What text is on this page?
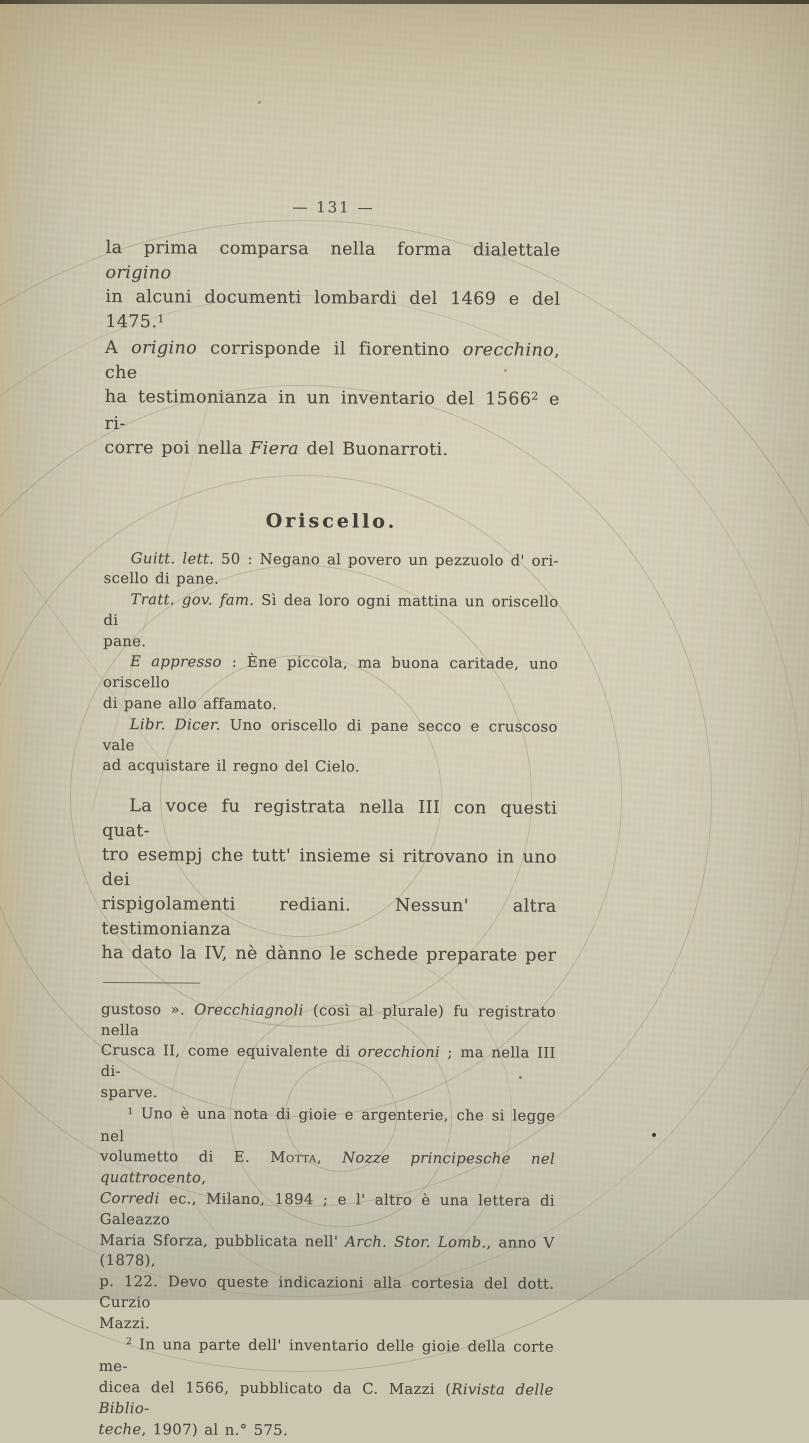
— 131 —
la prima comparsa nella forma dialettale origino
in alcuni documenti lombardi del 1469 e del 1475.$^1$
A origino corrisponde il fiorentino orecchino, che
ha testimonianza in un inventario del 1566$^2$ e ri-
corre poi nella Fiera del Buonarroti.
Oriscello.
Guitt. lett. 50 : Negano al povero un pezzuolo d' ori-
scello di pane.
Tratt. gov. fam. Sì dea loro ogni mattina un oriscello di
pane.
E appresso : Ène piccola, ma buona caritade, uno oriscello
di pane allo affamato.
Libr. Dicer. Uno oriscello di pane secco e cruscoso vale
ad acquistare il regno del Cielo.
La voce fu registrata nella III con questi quat-
tro esempj che tutt' insieme si ritrovano in uno dei
rispigolamenti rediani. Nessun' altra testimonianza
ha dato la IV, nè dànno le schede preparate per
gustoso ». Orecchiagnoli (così al plurale) fu registrato nella
Crusca II, come equivalente di orecchioni ; ma nella III di-
sparve.
$^1$ Uno è una nota di gioie e argenterie, che si legge nel
volumetto di E. Motta, Nozze principesche nel quattrocento,
Corredi ec., Milano, 1894 ; e l' altro è una lettera di Galeazzo
Maria Sforza, pubblicata nell' Arch. Stor. Lomb., anno V (1878),
p. 122. Devo queste indicazioni alla cortesia del dott. Curzio
Mazzi.
$^2$ In una parte dell' inventario delle gioie della corte me-
dicea del 1566, pubblicato da C. Mazzi (Rivista delle Biblio-
teche, 1907) al n.° 575.
